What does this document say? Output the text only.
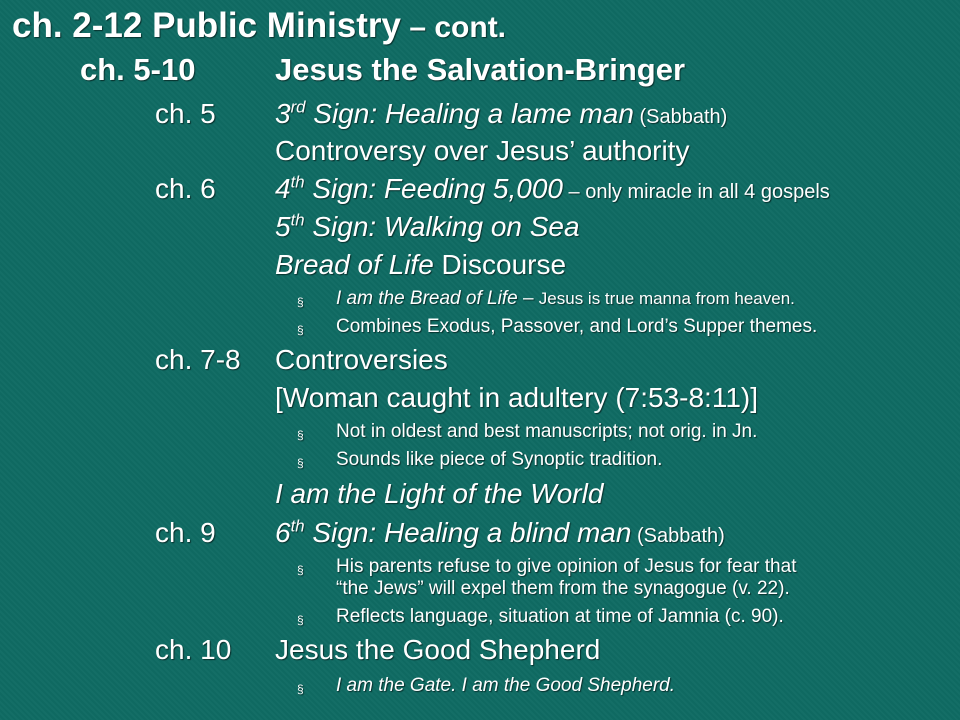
ch. 2-12 Public Ministry – cont.
ch. 5-10	Jesus the Salvation-Bringer
ch. 5 3rd Sign: Healing a lame man (Sabbath)
Controversy over Jesus’ authority
ch. 6 4th Sign: Feeding 5,000 – only miracle in all 4 gospels
5th Sign: Walking on Sea
Bread of Life Discourse
§ I am the Bread of Life – Jesus is true manna from heaven.
§ Combines Exodus, Passover, and Lord’s Supper themes.
ch. 7-8 Controversies
[Woman caught in adultery (7:53-8:11)]
§ Not in oldest and best manuscripts; not orig. in Jn.
§ Sounds like piece of Synoptic tradition.
I am the Light of the World
ch. 9 6th Sign: Healing a blind man (Sabbath)
§ His parents refuse to give opinion of Jesus for fear that
“the Jews” will expel them from the synagogue (v. 22).
§ Reflects language, situation at time of Jamnia (c. 90).
ch. 10 Jesus the Good Shepherd
§ I am the Gate. I am the Good Shepherd.
